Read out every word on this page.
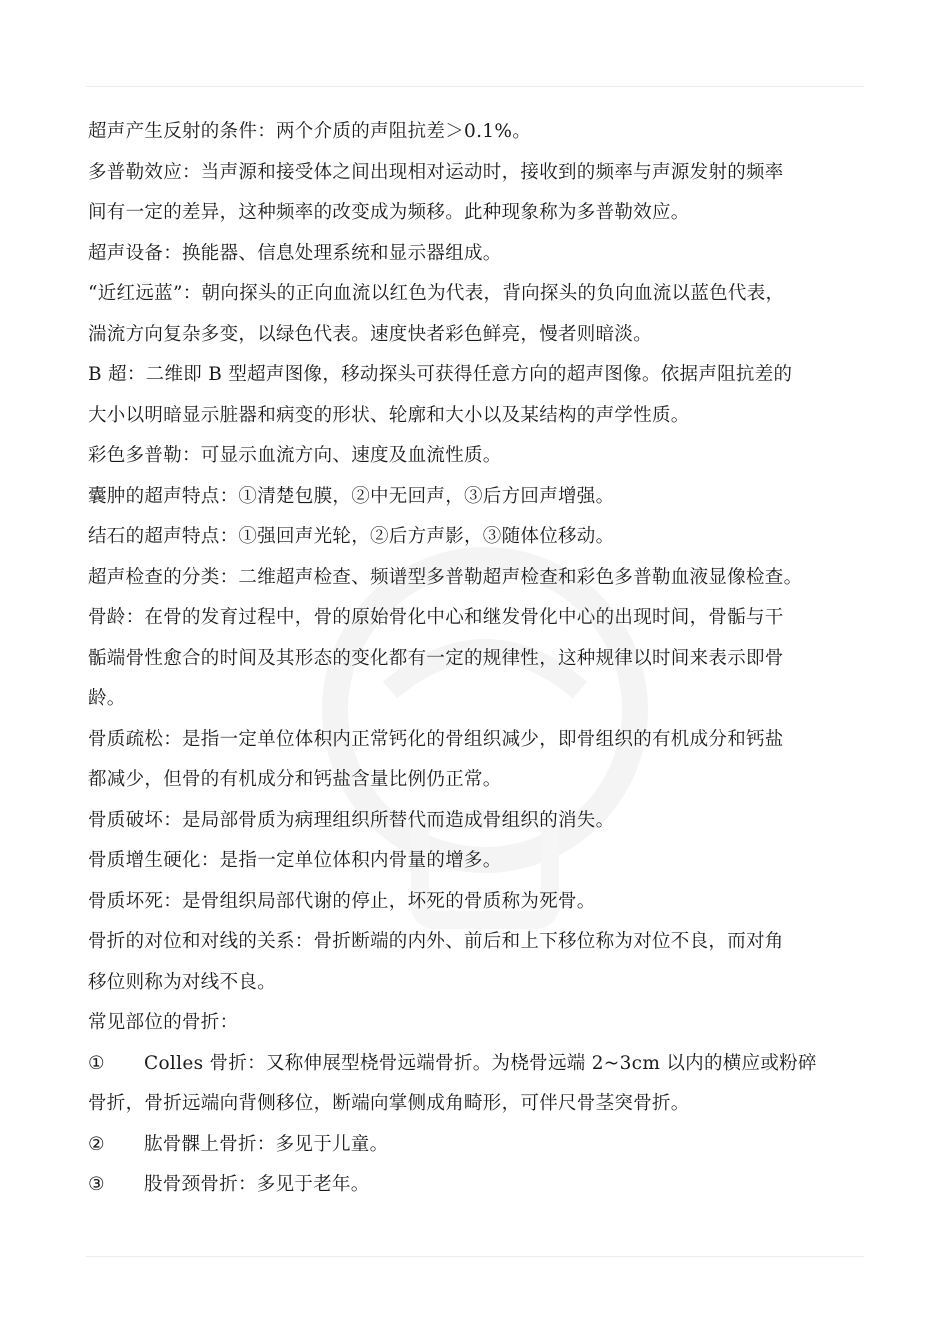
超声产生反射的条件：两个介质的声阻抗差＞0.1%。
多普勒效应：当声源和接受体之间出现相对运动时，接收到的频率与声源发射的频率
间有一定的差异，这种频率的改变成为频移。此种现象称为多普勒效应。
超声设备：换能器、信息处理系统和显示器组成。
“近红远蓝”：朝向探头的正向血流以红色为代表，背向探头的负向血流以蓝色代表，
湍流方向复杂多变，以绿色代表。速度快者彩色鲜亮，慢者则暗淡。
B 超：二维即 B 型超声图像，移动探头可获得任意方向的超声图像。依据声阻抗差的
大小以明暗显示脏器和病变的形状、轮廓和大小以及某结构的声学性质。
彩色多普勒：可显示血流方向、速度及血流性质。
囊肿的超声特点：①清楚包膜，②中无回声，③后方回声增强。
结石的超声特点：①强回声光轮，②后方声影，③随体位移动。
超声检查的分类：二维超声检查、频谱型多普勒超声检查和彩色多普勒血液显像检查。
骨龄：在骨的发育过程中，骨的原始骨化中心和继发骨化中心的出现时间，骨骺与干
骺端骨性愈合的时间及其形态的变化都有一定的规律性，这种规律以时间来表示即骨
龄。
骨质疏松：是指一定单位体积内正常钙化的骨组织减少，即骨组织的有机成分和钙盐
都减少，但骨的有机成分和钙盐含量比例仍正常。
骨质破坏：是局部骨质为病理组织所替代而造成骨组织的消失。
骨质增生硬化：是指一定单位体积内骨量的增多。
骨质坏死：是骨组织局部代谢的停止，坏死的骨质称为死骨。
骨折的对位和对线的关系：骨折断端的内外、前后和上下移位称为对位不良，而对角
移位则称为对线不良。
常见部位的骨折：
① Colles 骨折：又称伸展型桡骨远端骨折。为桡骨远端 2~3cm 以内的横应或粉碎
骨折，骨折远端向背侧移位，断端向掌侧成角畸形，可伴尺骨茎突骨折。
② 肱骨髁上骨折：多见于儿童。
③ 股骨颈骨折：多见于老年。
